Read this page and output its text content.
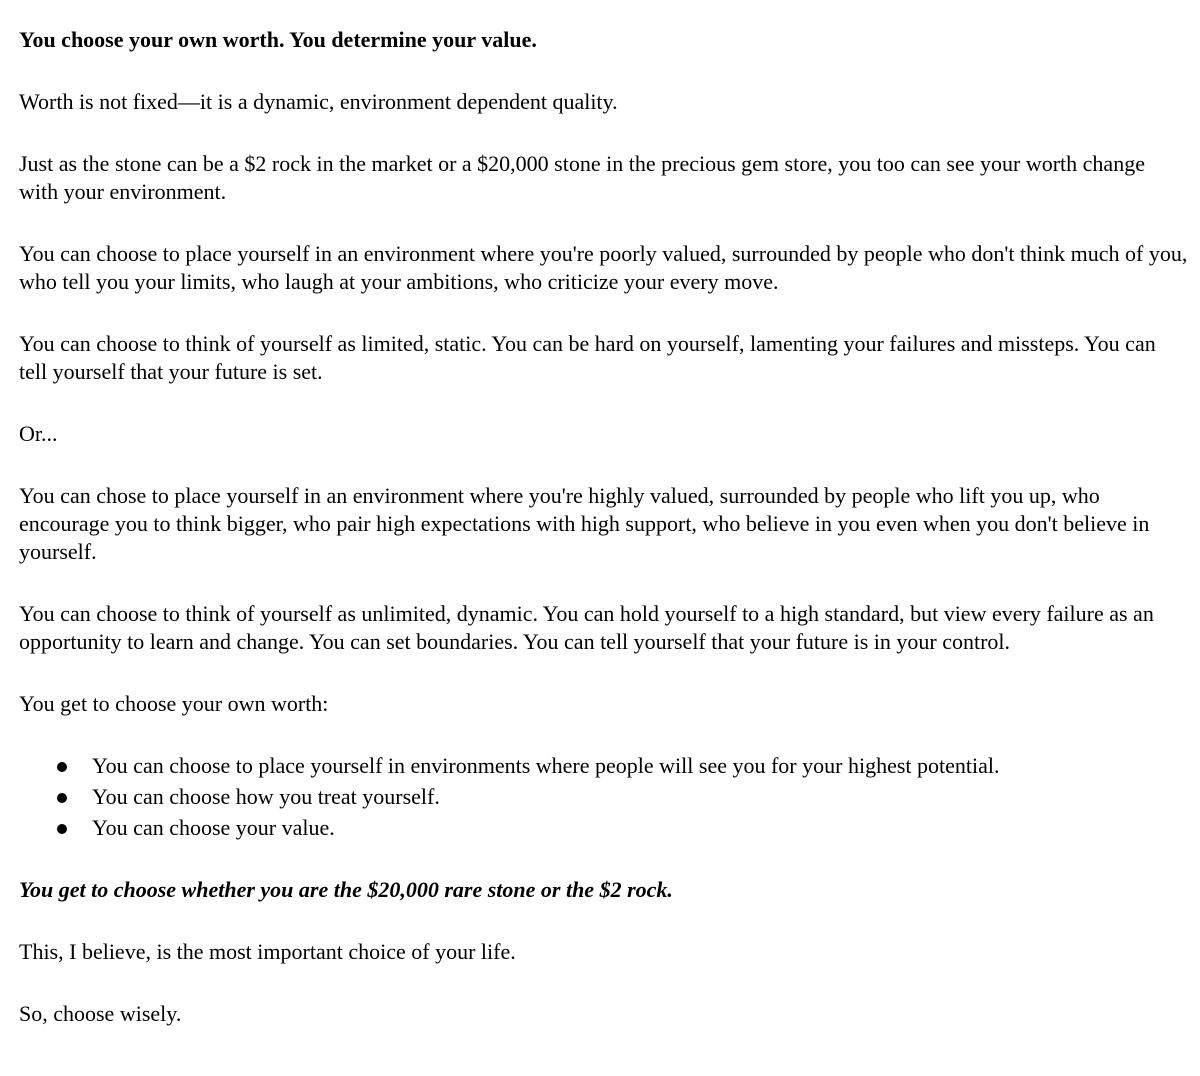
You choose your own worth. You determine your value.

Worth is not fixed—it is a dynamic, environment dependent quality.

Just as the stone can be a $2 rock in the market or a $20,000 stone in the precious gem store, you too can see your worth change with your environment.

You can choose to place yourself in an environment where you're poorly valued, surrounded by people who don't think much of you, who tell you your limits, who laugh at your ambitions, who criticize your every move.

You can choose to think of yourself as limited, static. You can be hard on yourself, lamenting your failures and missteps. You can tell yourself that your future is set.

Or...

You can chose to place yourself in an environment where you're highly valued, surrounded by people who lift you up, who encourage you to think bigger, who pair high expectations with high support, who believe in you even when you don't believe in yourself.

You can choose to think of yourself as unlimited, dynamic. You can hold yourself to a high standard, but view every failure as an opportunity to learn and change. You can set boundaries. You can tell yourself that your future is in your control.

You get to choose your own worth:

You can choose to place yourself in environments where people will see you for your highest potential.
You can choose how you treat yourself.
You can choose your value.

You get to choose whether you are the $20,000 rare stone or the $2 rock.

This, I believe, is the most important choice of your life.

So, choose wisely.
